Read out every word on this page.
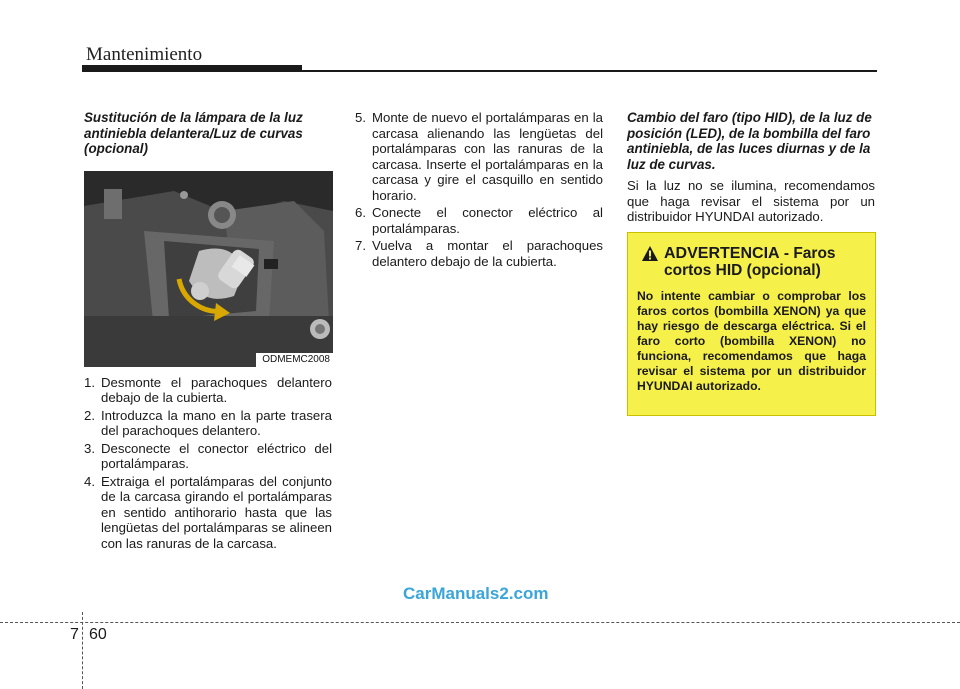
Mantenimiento

Sustitución de la lámpara de la luz antiniebla delantera/Luz de curvas (opcional)

ODMEMC2008
1. Desmonte el parachoques delantero debajo de la cubierta.
2. Introduzca la mano en la parte trasera del parachoques delantero.
3. Desconecte el conector eléctrico del portalámparas.
4. Extraiga el portalámparas del conjunto de la carcasa girando el portalámparas en sentido antihorario hasta que las lengüetas del portalámparas se alineen con las ranuras de la carcasa.
5. Monte de nuevo el portalámparas en la carcasa alienando las lengüetas del portalámparas con las ranuras de la carcasa. Inserte el portalámparas en la carcasa y gire el casquillo en sentido horario.
6. Conecte el conector eléctrico al portalámparas.
7. Vuelva a montar el parachoques delantero debajo de la cubierta.

Cambio del faro (tipo HID), de la luz de posición (LED), de la bombilla del faro antiniebla, de las luces diurnas y de la luz de curvas.

Si la luz no se ilumina, recomendamos que haga revisar el sistema por un distribuidor HYUNDAI autorizado.

ADVERTENCIA - Faros cortos HID (opcional)
No intente cambiar o comprobar los faros cortos (bombilla XENON) ya que hay riesgo de descarga eléctrica. Si el faro corto (bombilla XENON) no funciona, recomendamos que haga revisar el sistema por un distribuidor HYUNDAI autorizado.
7 60
CarManuals2.com
